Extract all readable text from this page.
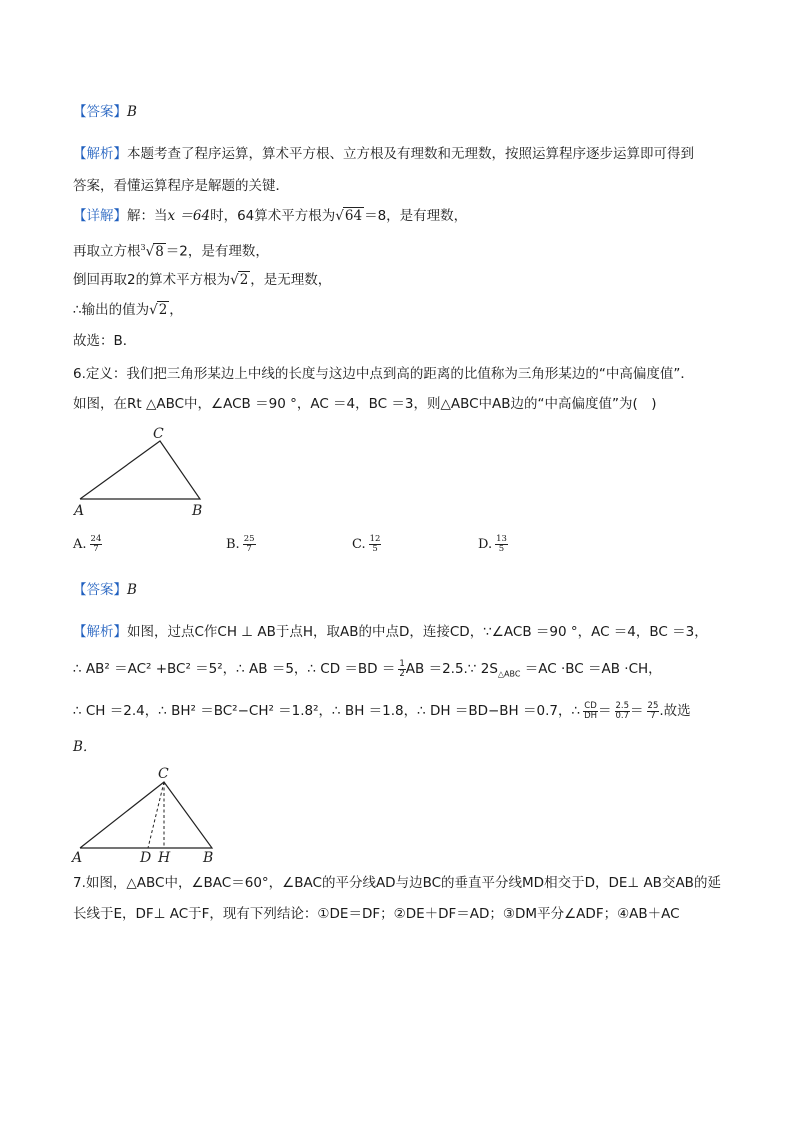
【答案】B
【解析】本题考查了程序运算，算术平方根、立方根及有理数和无理数，按照运算程序逐步运算即可得到
答案，看懂运算程序是解题的关键．
【详解】解：当x ＝64时，64算术平方根为√64 ＝8，是有理数，
再取立方根$^3$√8 ＝2，是有理数，
倒回再取2的算术平方根为√2 ，是无理数，
∴输出的值为√2 ，
故选：B．
6.定义：我们把三角形某边上中线的长度与这边中点到高的距离的比值称为三角形某边的“中高偏度值”．
如图，在Rt △ABC中，∠ACB ＝90 °，AC ＝4，BC ＝3，则△ABC中AB边的“中高偏度值”为(　)
C
A	B
A. $\frac{24}{7}$	B. $\frac{25}{7}$	C. $\frac{12}{5}$	D. $\frac{13}{5}$
【答案】B
【解析】如图，过点C作CH ⊥ AB于点H，取AB的中点D，连接CD，∵∠ACB ＝90 °，AC ＝4，BC ＝3，
∴ AB² ＝AC² +BC² ＝5²，∴ AB ＝5，∴ CD $=BD = \frac{1}{2}$ AB ＝2.5.∵ $2S_{\triangle ABC} =AC \cdot BC =AB \cdot CH$，
∴ CH ＝2.4，∴ BH² ＝BC²−CH² ＝1.8²，∴ BH ＝1.8，∴ DH ＝BD−BH ＝0.7，∴ $\frac{CD}{DH} = \frac{2.5}{0.7} = \frac{25}{7}$ .故选
B．
C
A	D H B
7.如图，△ABC中，∠BAC＝60°，∠BAC的平分线AD与边BC的垂直平分线MD相交于D，DE⊥ AB交AB的延
长线于E，DF⊥ AC于F，现有下列结论：①DE＝DF；②DE＋DF＝AD；③DM平分∠ADF；④AB＋AC
